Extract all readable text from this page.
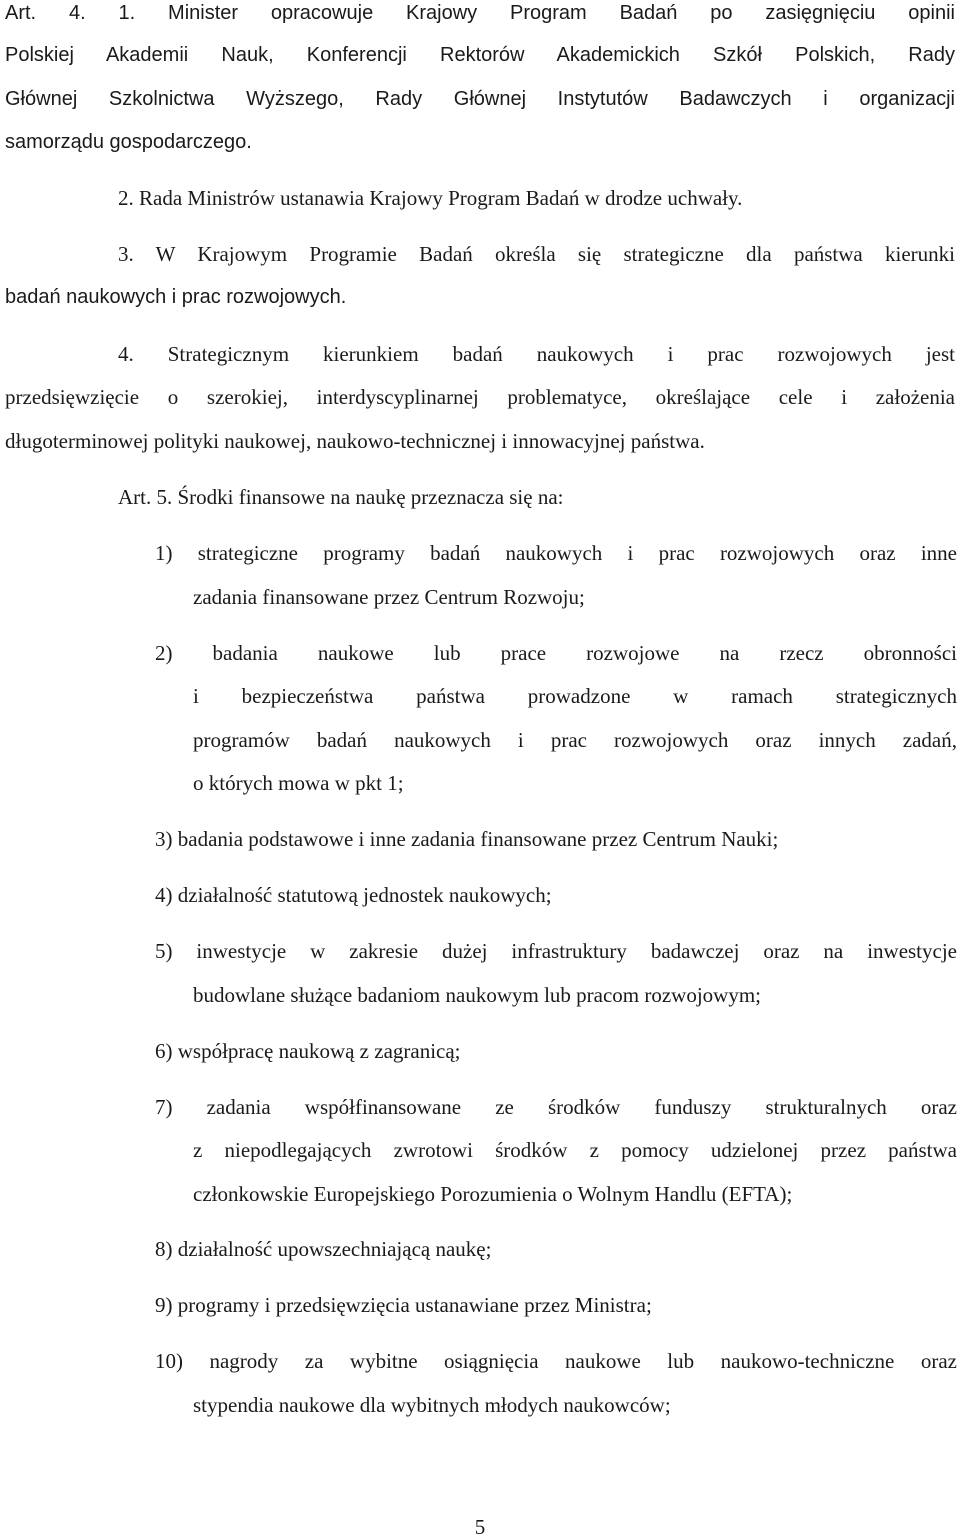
Art. 4. 1. Minister opracowuje Krajowy Program Badań po zasięgnięciu opinii
Polskiej Akademii Nauk, Konferencji Rektorów Akademickich Szkół Polskich, Rady
Głównej Szkolnictwa Wyższego, Rady Głównej Instytutów Badawczych i organizacji
samorządu gospodarczego.
2. Rada Ministrów ustanawia Krajowy Program Badań w drodze uchwały.
3. W Krajowym Programie Badań określa się strategiczne dla państwa kierunki
badań naukowych i prac rozwojowych.
4. Strategicznym kierunkiem badań naukowych i prac rozwojowych jest
przedsięwzięcie o szerokiej, interdyscyplinarnej problematyce, określające cele i założenia
długoterminowej polityki naukowej, naukowo-technicznej i innowacyjnej państwa.
Art. 5. Środki finansowe na naukę przeznacza się na:
1) strategiczne programy badań naukowych i prac rozwojowych oraz inne
zadania finansowane przez Centrum Rozwoju;
2) badania naukowe lub prace rozwojowe na rzecz obronności
i bezpieczeństwa państwa prowadzone w ramach strategicznych
programów badań naukowych i prac rozwojowych oraz innych zadań,
o których mowa w pkt 1;
3) badania podstawowe i inne zadania finansowane przez Centrum Nauki;
4) działalność statutową jednostek naukowych;
5) inwestycje w zakresie dużej infrastruktury badawczej oraz na inwestycje
budowlane służące badaniom naukowym lub pracom rozwojowym;
6) współpracę naukową z zagranicą;
7) zadania współfinansowane ze środków funduszy strukturalnych oraz
z niepodlegających zwrotowi środków z pomocy udzielonej przez państwa
członkowskie Europejskiego Porozumienia o Wolnym Handlu (EFTA);
8) działalność upowszechniającą naukę;
9) programy i przedsięwzięcia ustanawiane przez Ministra;
10) nagrody za wybitne osiągnięcia naukowe lub naukowo-techniczne oraz
stypendia naukowe dla wybitnych młodych naukowców;
5
